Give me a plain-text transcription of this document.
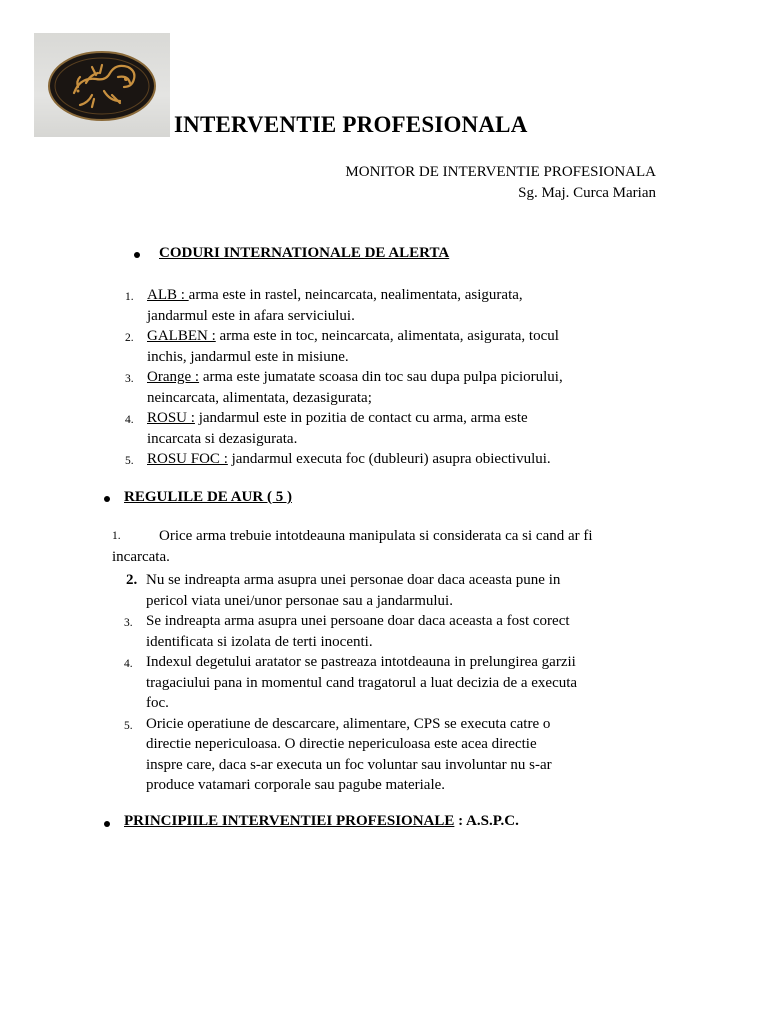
INTERVENTIE PROFESIONALA
MONITOR DE INTERVENTIE PROFESIONALA
Sg. Maj. Curca Marian
CODURI INTERNATIONALE DE ALERTA
1. ALB : arma este in rastel, neincarcata, nealimentata, asigurata,
jandarmul este in afara serviciului.
2. GALBEN : arma este in toc, neincarcata, alimentata, asigurata, tocul
inchis, jandarmul este in misiune.
3. Orange : arma este jumatate scoasa din toc sau dupa pulpa piciorului,
neincarcata, alimentata, dezasigurata;
4. ROSU : jandarmul este in pozitia de contact cu arma, arma este
incarcata si dezasigurata.
5. ROSU FOC : jandarmul executa foc (dubleuri) asupra obiectivului.
REGULILE DE AUR ( 5 )
1.	Orice arma trebuie intotdeauna manipulata si considerata ca si cand ar fi
incarcata.
2. Nu se indreapta arma asupra unei personae doar daca aceasta pune in
pericol viata unei/unor personae sau a jandarmului.
3. Se indreapta arma asupra unei persoane doar daca aceasta a fost corect
identificata si izolata de terti inocenti.
4. Indexul degetului aratator se pastreaza intotdeauna in prelungirea garzii
tragaciului pana in momentul cand tragatorul a luat decizia de a executa
foc.
5. Oricie operatiune de descarcare, alimentare, CPS se executa catre o
directie nepericuloasa. O directie nepericuloasa este acea directie
inspre care, daca s-ar executa un foc voluntar sau involuntar nu s-ar
produce vatamari corporale sau pagube materiale.
PRINCIPIILE INTERVENTIEI PROFESIONALE : A.S.P.C.
